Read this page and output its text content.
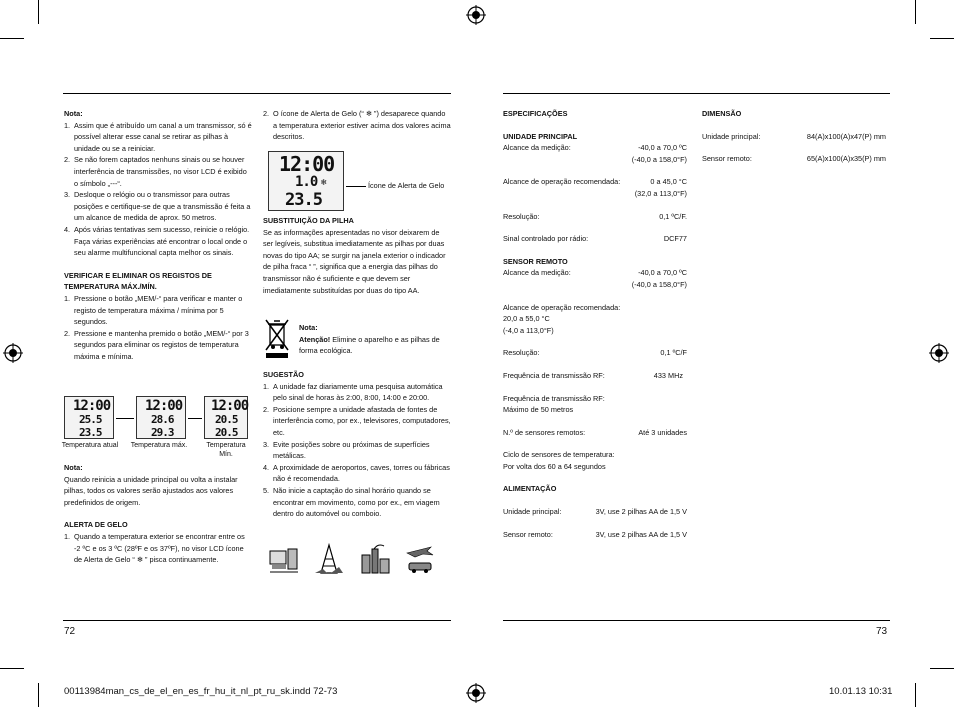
Nota:
1. Assim que é atribuído um canal a um transmissor, só é possível alterar esse canal se retirar as pilhas à unidade ou se a reiniciar.
2. Se não forem captados nenhuns sinais ou se houver interferência de transmissões, no visor LCD é exibido o símbolo „---“.
3. Desloque o relógio ou o transmissor para outras posições e certifique-se de que a transmissão é feita a um alcance de medida de aprox. 50 metros.
4. Após várias tentativas sem sucesso, reinicie o relógio. Faça várias experiências até encontrar o local onde o seu alarme multifuncional capta melhor os sinais.
VERIFICAR E ELIMINAR OS REGISTOS DE TEMPERATURA MÁX./MÍN.
1. Pressione o botão „MEM/-“ para verificar e manter o registo de temperatura máxima / mínima por 5 segundos.
2. Pressione e mantenha premido o botão „MEM/-“ por 3 segundos para eliminar os registos de temperatura máxima e mínima.
12:00
25.5
23.5
12:00
28.6
29.3
12:00
20.5
20.5
Temperatura atual	Temperatura máx.	Temperatura Mín.
Nota:
Quando reinicia a unidade principal ou volta a instalar pilhas, todos os valores serão ajustados aos valores predefinidos de origem.
ALERTA DE GELO
1. Quando a temperatura exterior se encontrar entre os -2 ºC e os 3 ºC (28ºF e os 37ºF), no visor LCD ícone de Alerta de Gelo “ ❄ ” pisca continuamente.
2. O ícone de Alerta de Gelo (“ ❄ ”) desaparece quando a temperatura exterior estiver acima dos valores acima descritos.
12:00
1.0 ❄
23.5
Ícone de Alerta de Gelo
SUBSTITUIÇÃO DA PILHA
Se as informações apresentadas no visor deixarem de ser legíveis, substitua imediatamente as pilhas por duas novas do tipo AA; se surgir na janela exterior o indicador de pilha fraca “ ”, significa que a energia das pilhas do transmissor não é suficiente e que devem ser imediatamente substituídas por duas do tipo AA.
Nota:
Atenção! Elimine o aparelho e as pilhas de forma ecológica.
SUGESTÃO
1. A unidade faz diariamente uma pesquisa automática pelo sinal de horas às 2:00, 8:00, 14:00 e 20:00.
2. Posicione sempre a unidade afastada de fontes de interferência como, por ex., televisores, computadores, etc.
3. Evite posições sobre ou próximas de superfícies metálicas.
4. A proximidade de aeroportos, caves, torres ou fábricas não é recomendada.
5. Não inicie a captação do sinal horário quando se encontrar em movimento, como por ex., em viagem dentro do automóvel ou comboio.
ESPECIFICAÇÕES
UNIDADE PRINCIPAL
Alcance da medição:	-40,0 a 70,0 ºC
(-40,0 a 158,0°F)
Alcance de operação recomendada:	0 a 45,0 °C
(32,0 a 113,0°F)
Resolução:	0,1 ºC/F.
Sinal controlado por rádio:	DCF77
SENSOR REMOTO
Alcance da medição:	-40,0 a 70,0 ºC
(-40,0 a 158,0°F)
Alcance de operação recomendada:
20,0 a 55,0 °C
(-4,0 a 113,0°F)
Resolução:	0,1 ºC/F
Frequência de transmissão RF:	433 MHz
Frequência de transmissão RF:
Máximo de 50 metros
N.º de sensores remotos:	Até 3 unidades
Ciclo de sensores de temperatura:
Por volta dos 60 a 64 segundos
ALIMENTAÇÃO
Unidade principal:	3V, use 2 pilhas AA de 1,5 V
Sensor remoto:	3V, use 2 pilhas AA de 1,5 V
DIMENSÃO
Unidade principal:	84(A)x100(A)x47(P) mm
Sensor remoto:	65(A)x100(A)x35(P) mm
72	73
00113984man_cs_de_el_en_es_fr_hu_it_nl_pt_ru_sk.indd 72-73	10.01.13 10:31
